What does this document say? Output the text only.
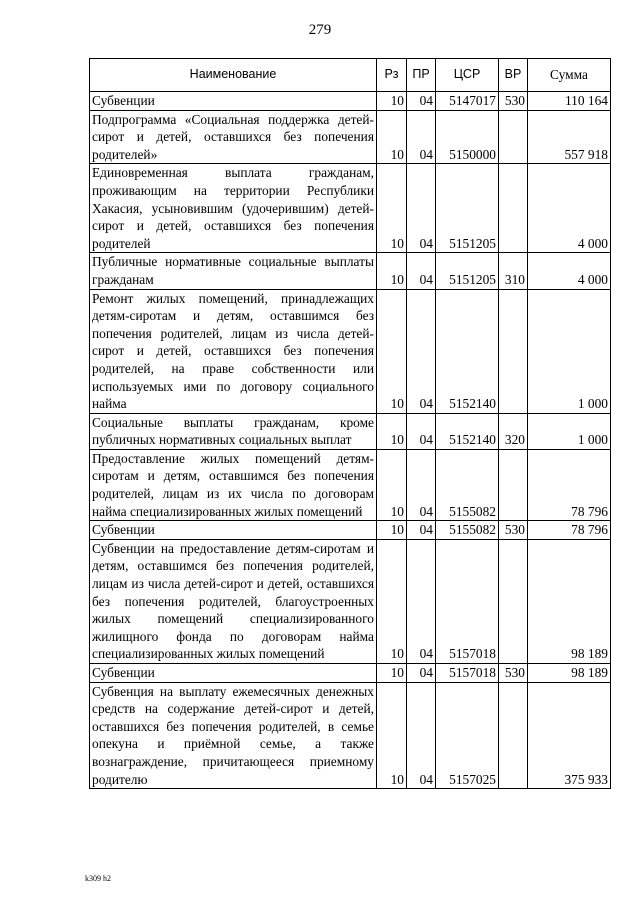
279
Наименование	Рз	ПР	ЦСР	ВР	Сумма
Субвенции	10	04	5147017	530	110 164
Подпрограмма «Социальная поддержка детей-сирот и детей, оставшихся без попечения родителей»	10	04	5150000		557 918
Единовременная выплата гражданам, проживающим на территории Республики Хакасия, усыновившим (удочерившим) детей-сирот и детей, оставшихся без попечения родителей	10	04	5151205		4 000
Публичные нормативные социальные выплаты гражданам	10	04	5151205	310	4 000
Ремонт жилых помещений, принадлежащих детям-сиротам и детям, оставшимся без попечения родителей, лицам из числа детей-сирот и детей, оставшихся без попечения родителей, на праве собственности или используемых ими по договору социального найма	10	04	5152140		1 000
Социальные выплаты гражданам, кроме публичных нормативных социальных выплат	10	04	5152140	320	1 000
Предоставление жилых помещений детям-сиротам и детям, оставшимся без попечения родителей, лицам из их числа по договорам найма специализированных жилых помещений	10	04	5155082		78 796
Субвенции	10	04	5155082	530	78 796
Субвенции на предоставление детям-сиротам и детям, оставшимся без попечения родителей, лицам из числа детей-сирот и детей, оставшихся без попечения родителей, благоустроенных жилых помещений специализированного жилищного фонда по договорам найма специализированных жилых помещений	10	04	5157018		98 189
Субвенции	10	04	5157018	530	98 189
Субвенция на выплату ежемесячных денежных средств на содержание детей-сирот и детей, оставшихся без попечения родителей, в семье опекуна и приёмной семье, а также вознаграждение, причитающееся приемному родителю	10	04	5157025		375 933
k309 h2
